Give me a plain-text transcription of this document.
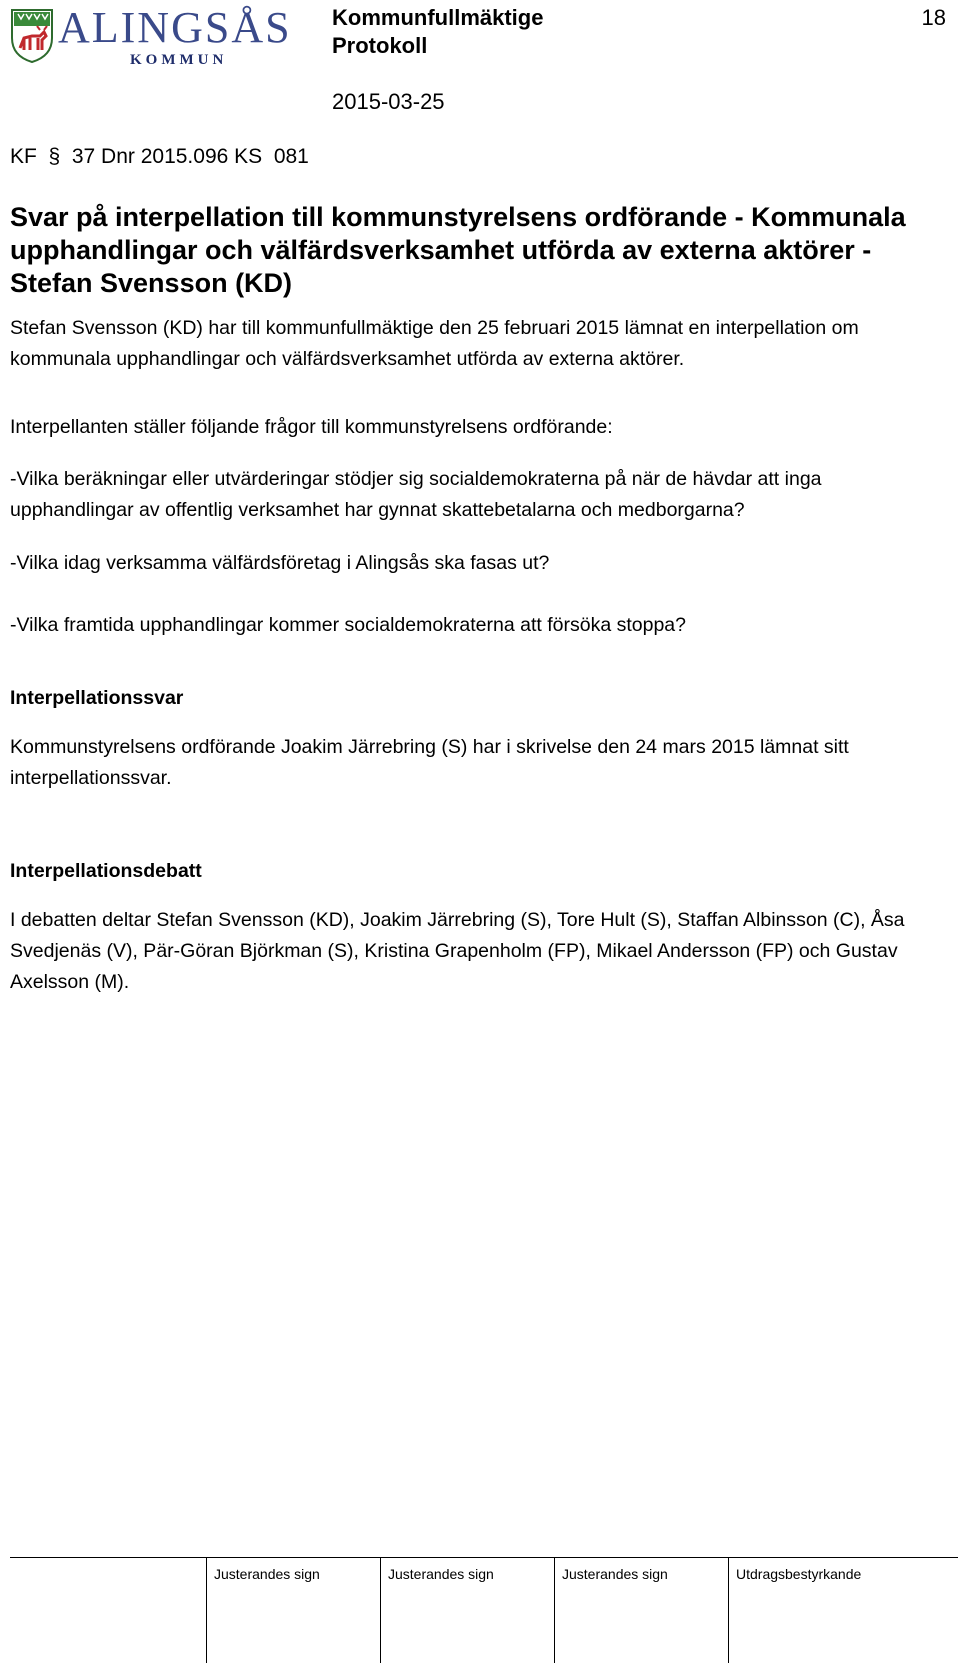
ALINGSÅS
KOMMUN
Kommunfullmäktige
Protokoll
2015-03-25
18
KF  §  37 Dnr 2015.096 KS  081
Svar på interpellation till kommunstyrelsens ordförande - Kommunala upphandlingar och välfärdsverksamhet utförda av externa aktörer - Stefan Svensson (KD)
Stefan Svensson (KD) har till kommunfullmäktige den 25 februari 2015 lämnat en interpellation om kommunala upphandlingar och välfärdsverksamhet utförda av externa aktörer.
Interpellanten ställer följande frågor till kommunstyrelsens ordförande:
-Vilka beräkningar eller utvärderingar stödjer sig socialdemokraterna på när de hävdar att inga upphandlingar av offentlig verksamhet har gynnat skattebetalarna och medborgarna?
-Vilka idag verksamma välfärdsföretag i Alingsås ska fasas ut?
-Vilka framtida upphandlingar kommer socialdemokraterna att försöka stoppa?
Interpellationssvar
Kommunstyrelsens ordförande Joakim Järrebring (S) har i skrivelse den 24 mars 2015 lämnat sitt interpellationssvar.
Interpellationsdebatt
I debatten deltar Stefan Svensson (KD), Joakim Järrebring (S), Tore Hult (S), Staffan Albinsson (C), Åsa Svedjenäs (V), Pär-Göran Björkman (S), Kristina Grapenholm (FP), Mikael Andersson (FP) och Gustav Axelsson (M).
Justerandes sign	Justerandes sign	Justerandes sign	Utdragsbestyrkande
